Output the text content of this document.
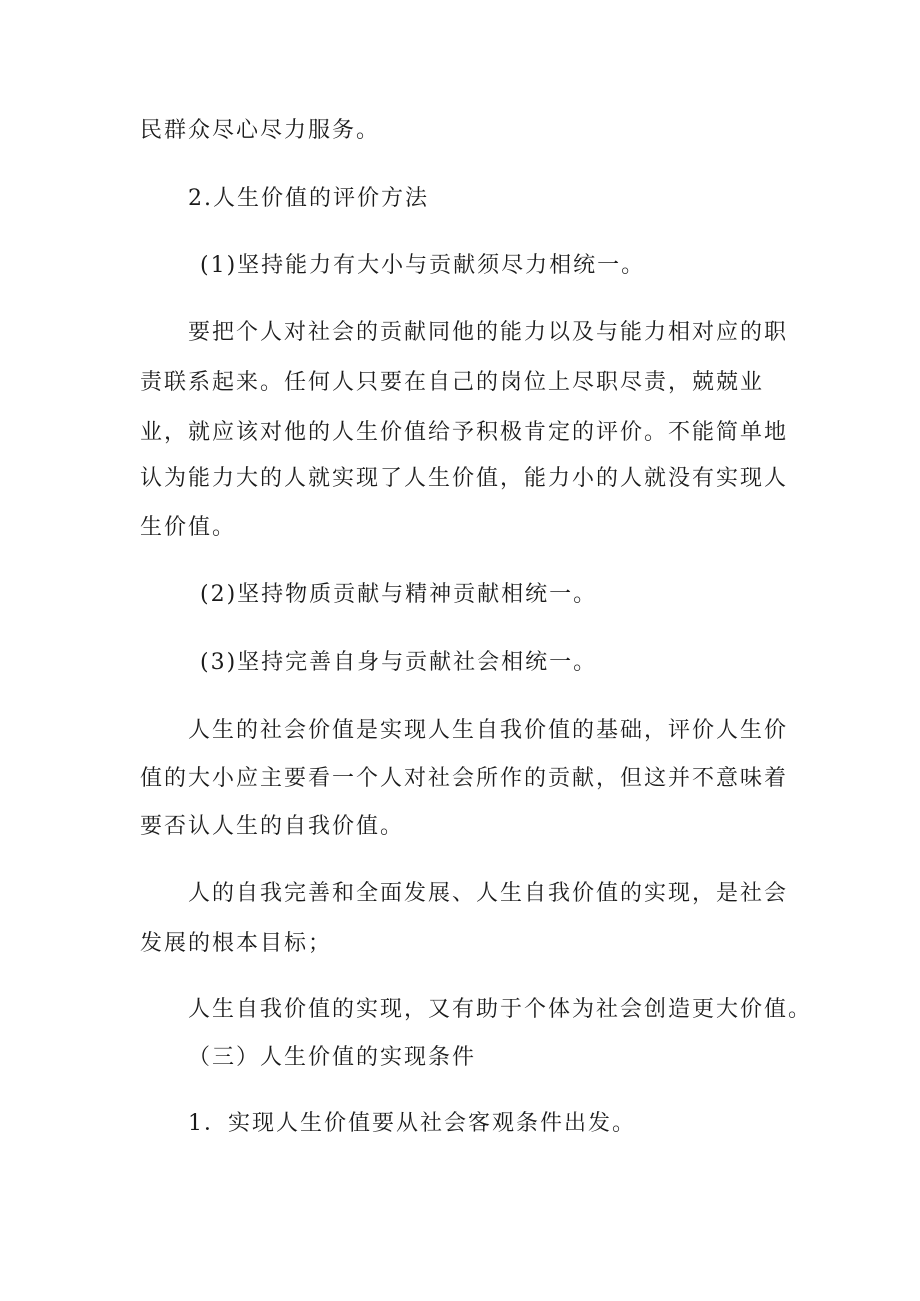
民群众尽心尽力服务。
2.人生价值的评价方法
(1)坚持能力有大小与贡献须尽力相统一。
要把个人对社会的贡献同他的能力以及与能力相对应的职
责联系起来。任何人只要在自己的岗位上尽职尽责，兢兢业
业，就应该对他的人生价值给予积极肯定的评价。不能简单地
认为能力大的人就实现了人生价值，能力小的人就没有实现人
生价值。
(2)坚持物质贡献与精神贡献相统一。
(3)坚持完善自身与贡献社会相统一。
人生的社会价值是实现人生自我价值的基础，评价人生价
值的大小应主要看一个人对社会所作的贡献，但这并不意味着
要否认人生的自我价值。
人的自我完善和全面发展、人生自我价值的实现，是社会
发展的根本目标；
人生自我价值的实现，又有助于个体为社会创造更大价值。
（三）人生价值的实现条件
1．实现人生价值要从社会客观条件出发。
